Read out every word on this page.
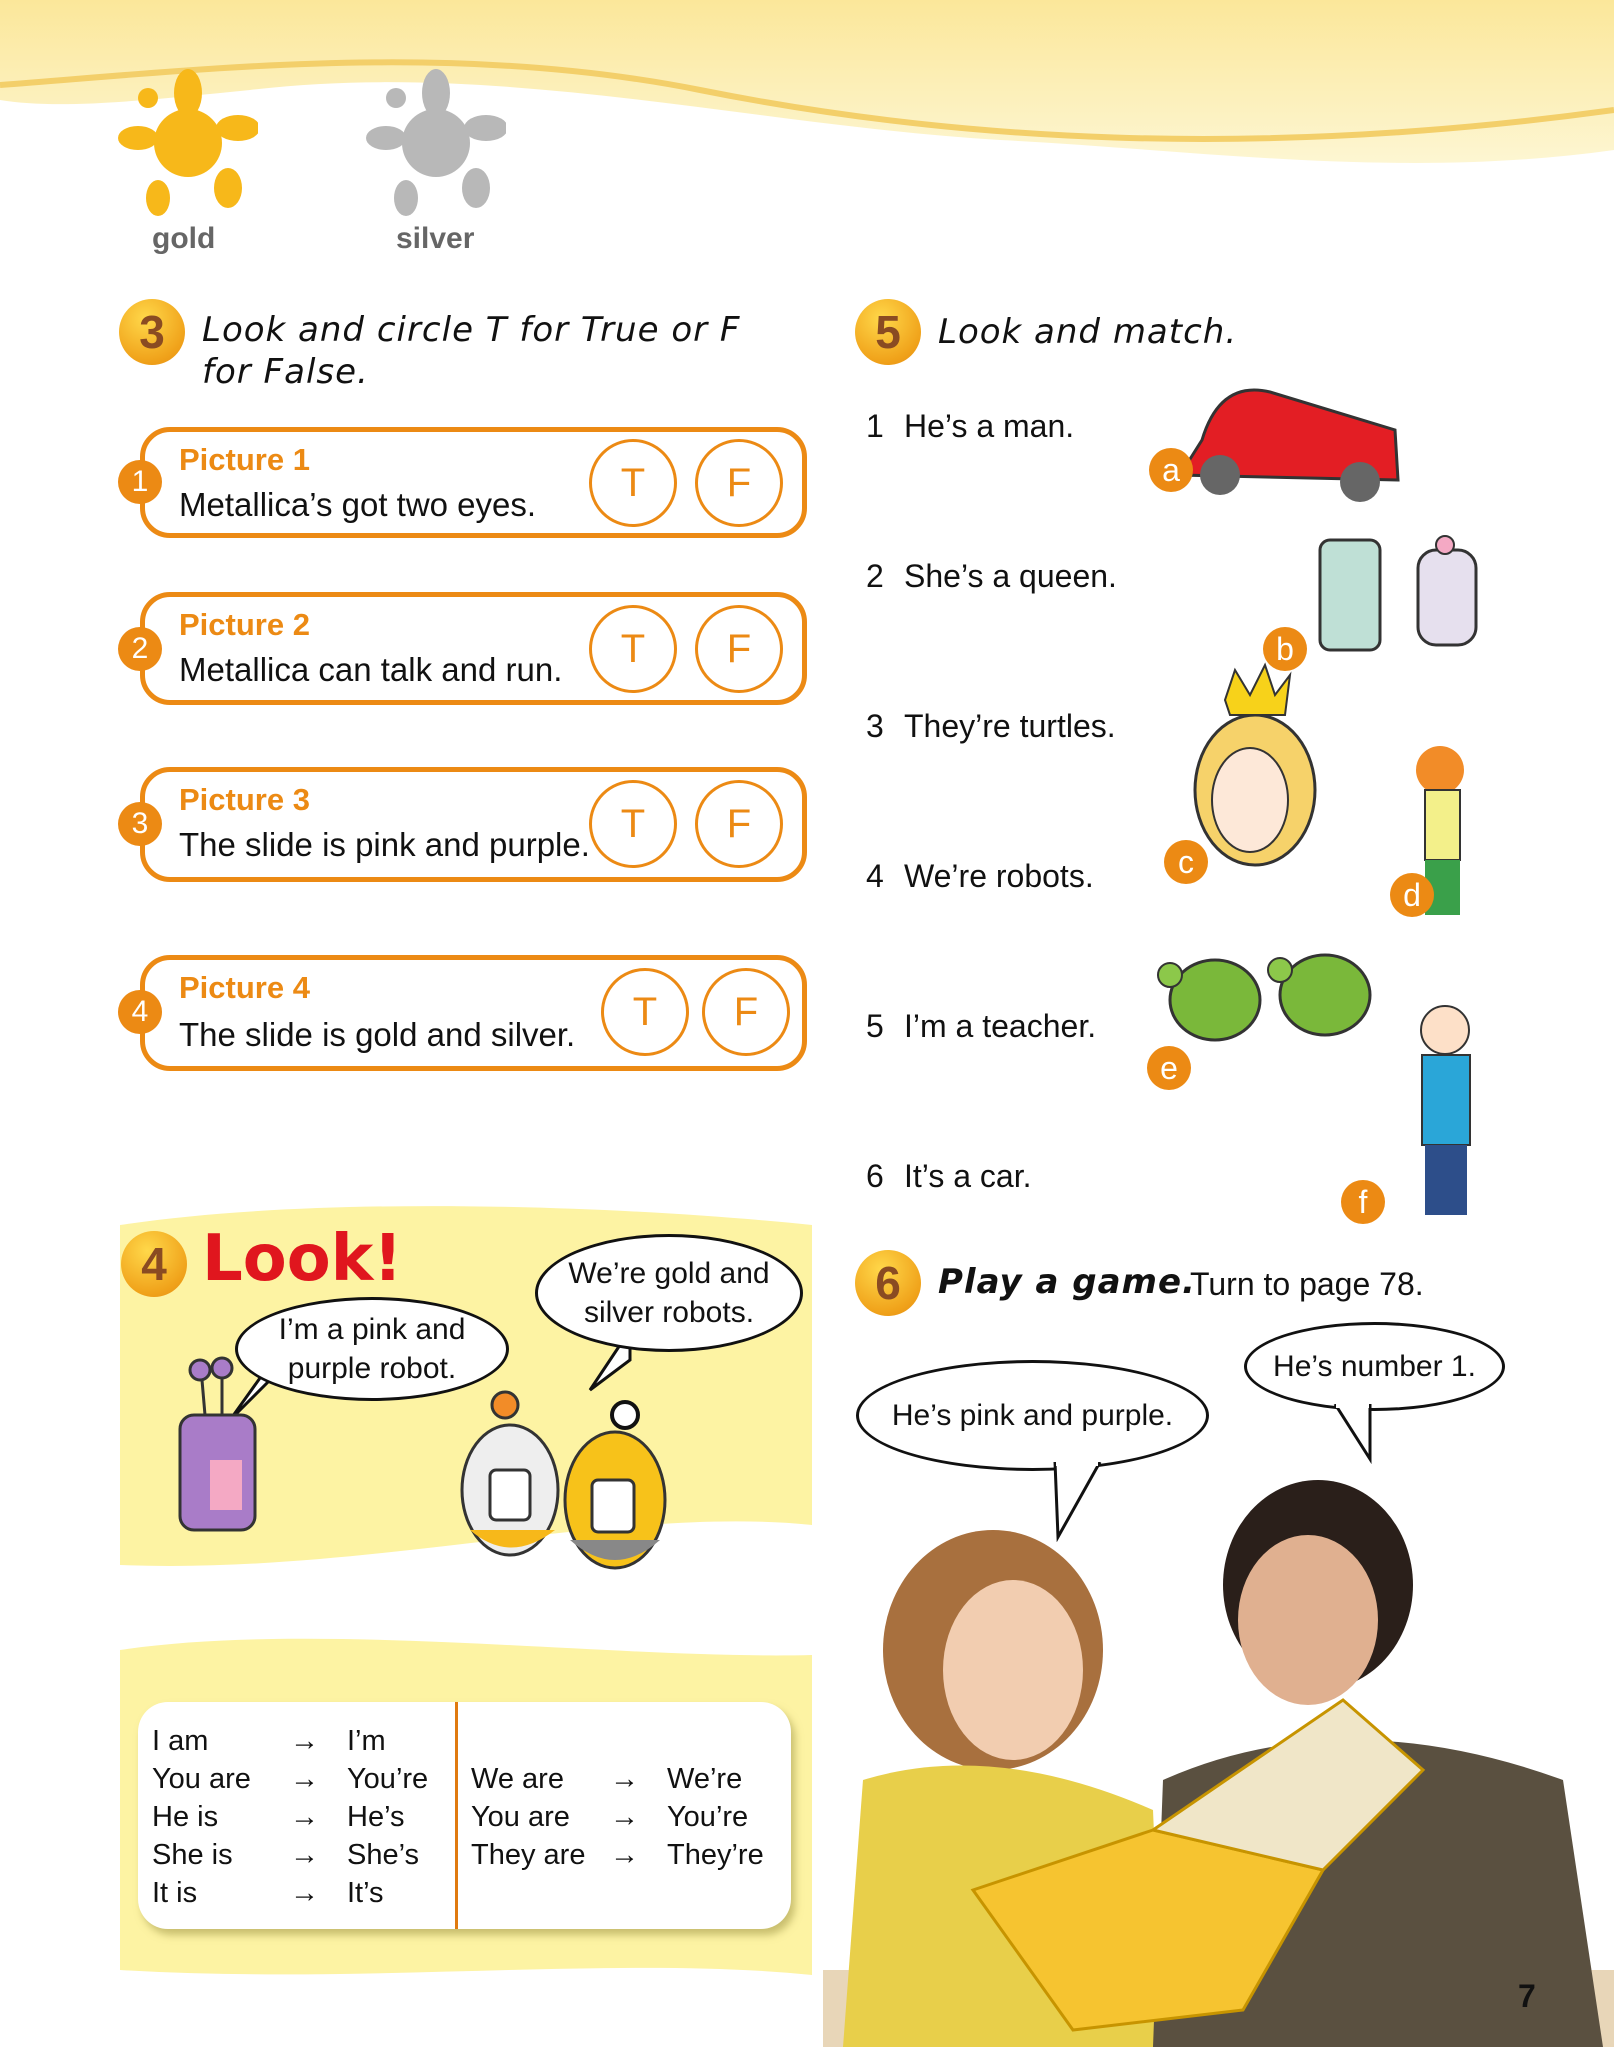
gold	silver
3	Look and circle T for True or F
for False.
1
Picture 1
Metallica’s got two eyes.	T	F
2
Picture 2
Metallica can talk and run.	T	F
3
Picture 3
The slide is pink and purple. T	F
4
Picture 4
The slide is gold and silver.
T	F
4 Look!
I’m a pink and purple robot.
We’re gold and silver robots.
I am	→ I’m
You are → You’re
He is → He’s
She is → She’s
It is	→ It’s
We are → We’re
You are → You’re
They are → They’re
5	Look and match.
1 He’s a man.
2 She’s a queen.
3 They’re turtles.
4 We’re robots.
5 I’m a teacher.
6 It’s a car.
a
b
c
d
e
f
6	Play a game.
Turn to page 78.
He’s pink and purple.
He’s number 1.
7
